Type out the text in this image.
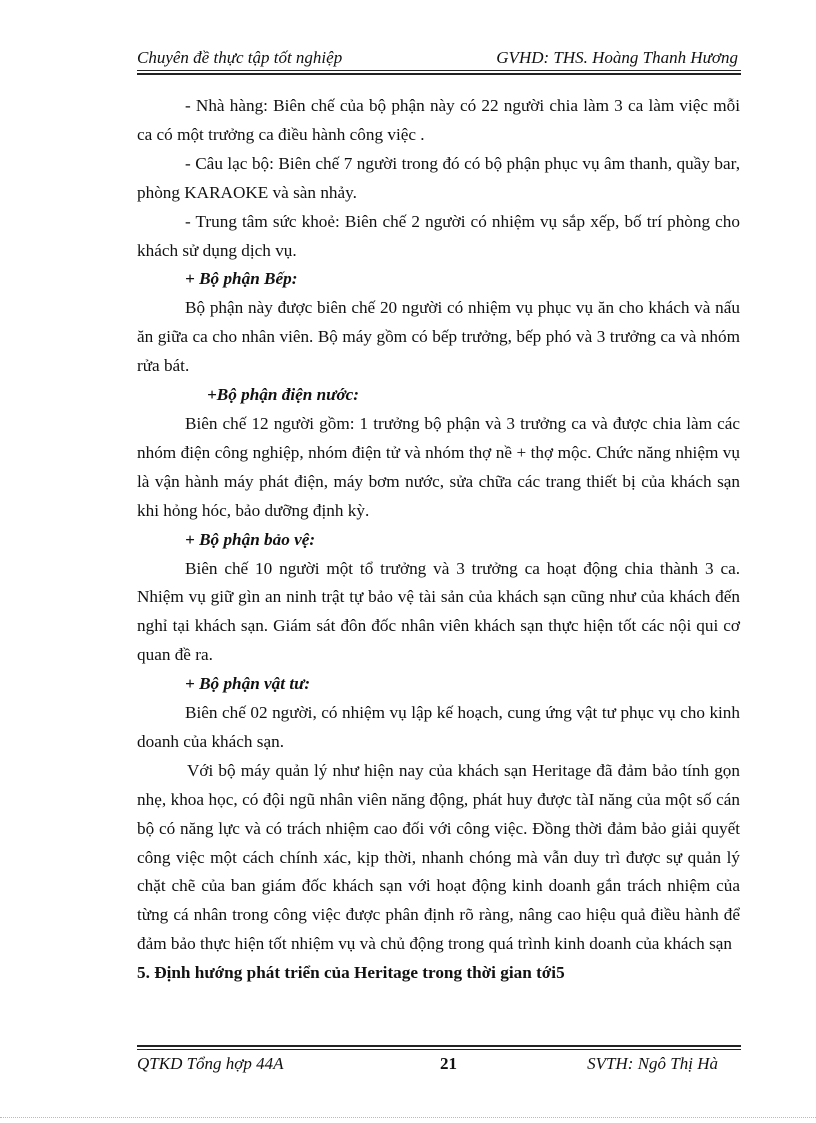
Chuyên đề thực tập tốt nghiệp	GVHD: THS. Hoàng Thanh Hương

- Nhà hàng: Biên chế của bộ phận này có 22 người chia làm 3 ca làm việc mỗi ca có một trưởng ca điều hành công việc .

- Câu lạc bộ: Biên chế 7 người trong đó có bộ phận phục vụ âm thanh, quầy bar, phòng KARAOKE và sàn nhảy.

- Trung tâm sức khoẻ: Biên chế 2 người có nhiệm vụ sắp xếp, bố trí phòng cho khách sử dụng dịch vụ.

+ Bộ phận Bếp:

Bộ phận này được biên chế 20 người có nhiệm vụ phục vụ ăn cho khách và nấu ăn giữa ca cho nhân viên. Bộ máy gồm có bếp trưởng, bếp phó và 3 trưởng ca và nhóm rửa bát.

+Bộ phận điện nước:

Biên chế 12 người gồm: 1 trưởng bộ phận và 3 trưởng ca và được chia làm các nhóm điện công nghiệp, nhóm điện tử và nhóm thợ nề + thợ mộc. Chức năng nhiệm vụ là vận hành máy phát điện, máy bơm nước, sửa chữa các trang thiết bị của khách sạn khi hỏng hóc, bảo dưỡng định kỳ.

+ Bộ phận bảo vệ:

Biên chế 10 người một tổ trưởng và 3 trưởng ca hoạt động chia thành 3 ca. Nhiệm vụ giữ gìn an ninh trật tự bảo vệ tài sản của khách sạn cũng như của khách đến nghỉ tại khách sạn. Giám sát đôn đốc nhân viên khách sạn thực hiện tốt các nội qui cơ quan đề ra.

+ Bộ phận vật tư:

Biên chế 02 người, có nhiệm vụ lập kế hoạch, cung ứng vật tư phục vụ cho kinh doanh của khách sạn.

Với bộ máy quản lý như hiện nay của khách sạn Heritage đã đảm bảo tính gọn nhẹ, khoa học, có đội ngũ nhân viên năng động, phát huy được tàI năng của một số cán bộ có năng lực và có trách nhiệm cao đối với công việc. Đồng thời đảm bảo giải quyết công việc một cách chính xác, kịp thời, nhanh chóng mà vẫn duy trì được sự quản lý chặt chẽ của ban giám đốc khách sạn với hoạt động kinh doanh gắn trách nhiệm của từng cá nhân trong công việc được phân định rõ ràng, nâng cao hiệu quả điều hành để đảm bảo thực hiện tốt nhiệm vụ và chủ động trong quá trình kinh doanh của khách sạn

5. Định hướng phát triển của Heritage trong thời gian tới5

QTKD Tổng hợp 44A	21	SVTH: Ngô Thị Hà
